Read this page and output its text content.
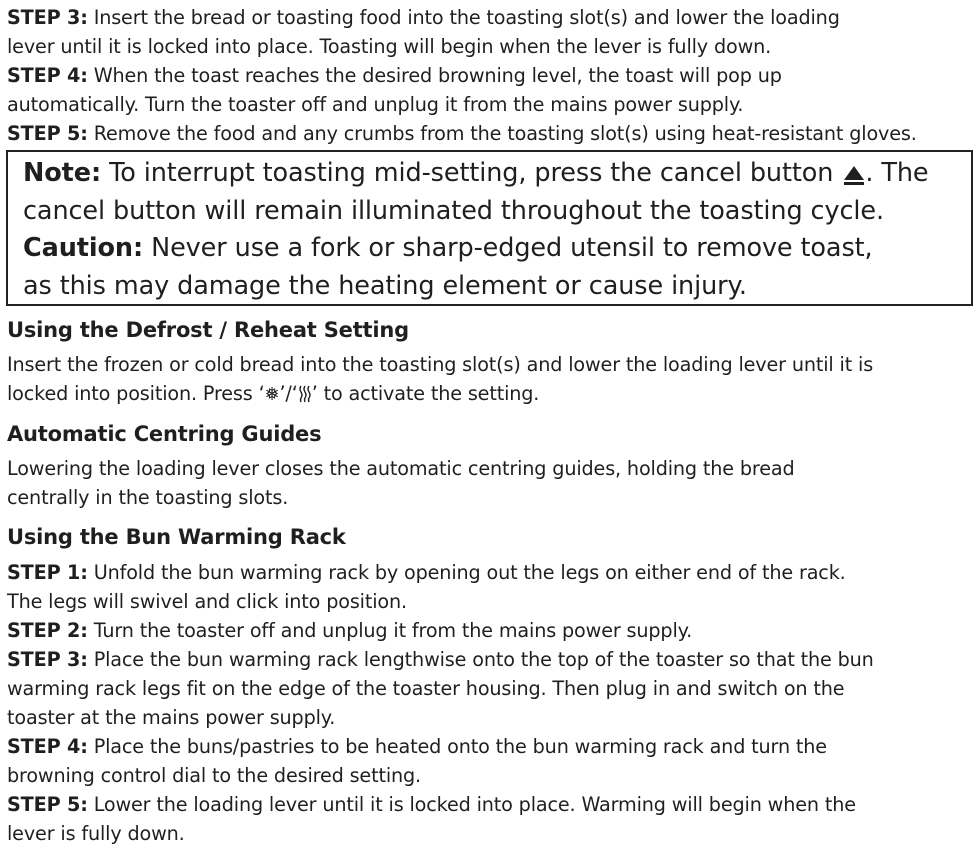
STEP 3: Insert the bread or toasting food into the toasting slot(s) and lower the loading
lever until it is locked into place. Toasting will begin when the lever is fully down.
STEP 4: When the toast reaches the desired browning level, the toast will pop up
automatically. Turn the toaster off and unplug it from the mains power supply.
STEP 5: Remove the food and any crumbs from the toasting slot(s) using heat-resistant gloves.
Note: To interrupt toasting mid-setting, press the cancel button . The
cancel button will remain illuminated throughout the toasting cycle.
Caution: Never use a fork or sharp-edged utensil to remove toast,
as this may damage the heating element or cause injury.
Using the Defrost / Reheat Setting
Insert the frozen or cold bread into the toasting slot(s) and lower the loading lever until it is
locked into position. Press ‘❅’/‘ ’ to activate the setting.
Automatic Centring Guides
Lowering the loading lever closes the automatic centring guides, holding the bread
centrally in the toasting slots.
Using the Bun Warming Rack
STEP 1: Unfold the bun warming rack by opening out the legs on either end of the rack.
The legs will swivel and click into position.
STEP 2: Turn the toaster off and unplug it from the mains power supply.
STEP 3: Place the bun warming rack lengthwise onto the top of the toaster so that the bun
warming rack legs fit on the edge of the toaster housing. Then plug in and switch on the
toaster at the mains power supply.
STEP 4: Place the buns/pastries to be heated onto the bun warming rack and turn the
browning control dial to the desired setting.
STEP 5: Lower the loading lever until it is locked into place. Warming will begin when the
lever is fully down.
